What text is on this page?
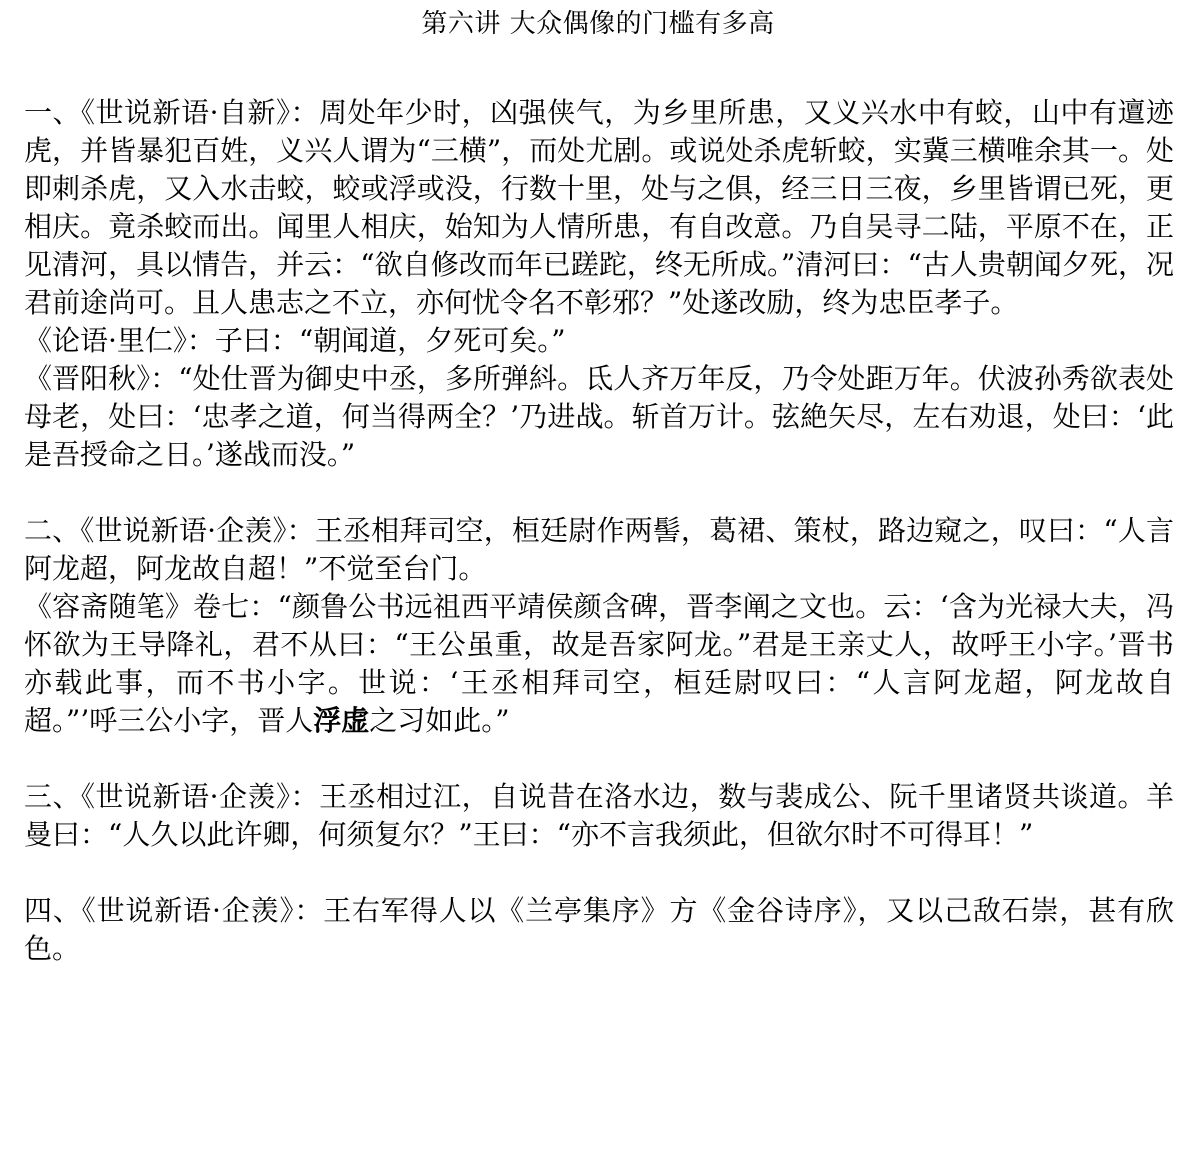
第六讲 大众偶像的门槛有多高

一、《世说新语·自新》：周处年少时，凶强侠气，为乡里所患，又义兴水中有蛟，山中有邅迹虎，并皆暴犯百姓，义兴人谓为“三横”，而处尤剧。或说处杀虎斩蛟，实冀三横唯余其一。处即刺杀虎，又入水击蛟，蛟或浮或没，行数十里，处与之俱，经三日三夜，乡里皆谓已死，更相庆。竟杀蛟而出。闻里人相庆，始知为人情所患，有自改意。乃自吴寻二陆，平原不在，正见清河，具以情告，并云：“欲自修改而年已蹉跎，终无所成。”清河曰：“古人贵朝闻夕死，况君前途尚可。且人患志之不立，亦何忧令名不彰邪？”处遂改励，终为忠臣孝子。

《论语·里仁》：子曰：“朝闻道，夕死可矣。”

《晋阳秋》：“处仕晋为御史中丞，多所弹紏。氐人齐万年反，乃令处距万年。伏波孙秀欲表处母老，处曰：‘忠孝之道，何当得两全？’乃进战。斩首万计。弦絶矢尽，左右劝退，处曰：‘此是吾授命之日。’遂战而没。”

二、《世说新语·企羡》：王丞相拜司空，桓廷尉作两髻，葛裙、策杖，路边窥之，叹曰：“人言阿龙超，阿龙故自超！”不觉至台门。

《容斋随笔》卷七：“颜鲁公书远祖西平靖侯颜含碑，晋李阐之文也。云：‘含为光禄大夫，冯怀欲为王导降礼，君不从曰：“王公虽重，故是吾家阿龙。”君是王亲丈人，故呼王小字。’晋书亦载此事，而不书小字。世说：‘王丞相拜司空，桓廷尉叹曰：“人言阿龙超，阿龙故自超。”’呼三公小字，晋人浮虚之习如此。”

三、《世说新语·企羡》：王丞相过江，自说昔在洛水边，数与裴成公、阮千里诸贤共谈道。羊曼曰：“人久以此许卿，何须复尔？”王曰：“亦不言我须此，但欲尔时不可得耳！”

四、《世说新语·企羡》：王右军得人以《兰亭集序》方《金谷诗序》，又以己敌石崇，甚有欣色。
